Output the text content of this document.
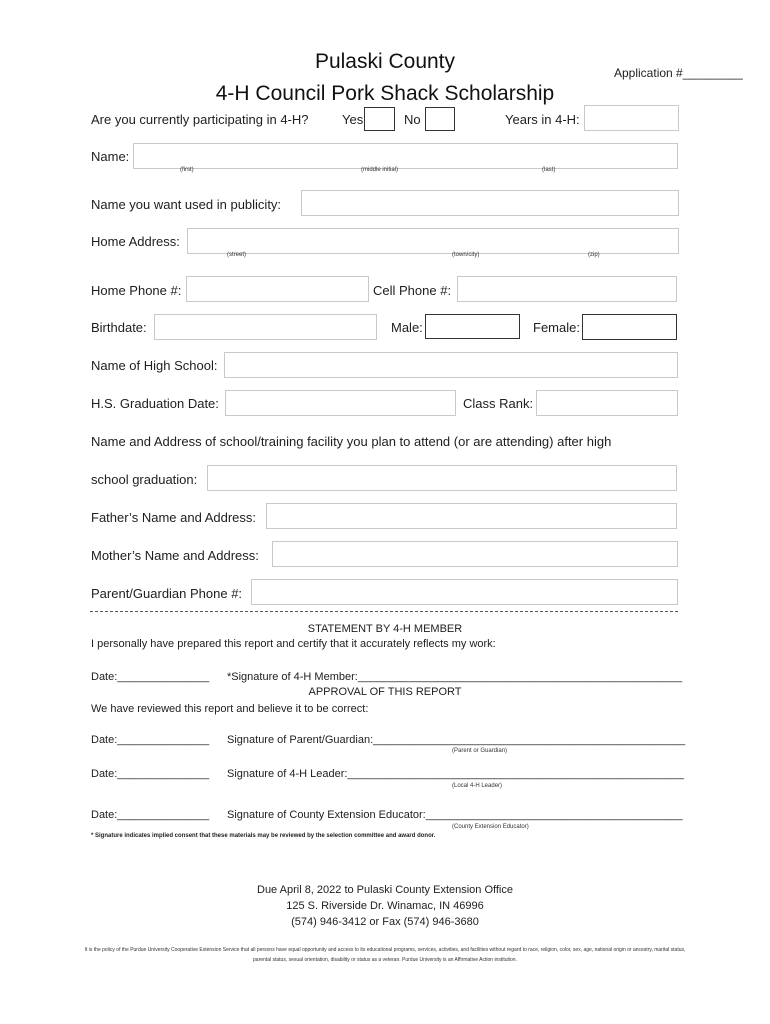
Pulaski County
4-H Council Pork Shack Scholarship
Application #_________
Are you currently participating in 4-H?	Yes	No	Years in 4-H:
Name:
(first)	(middle initial)	(last)
Name you want used in publicity:
Home Address:
(street)	(town/city)	(zip)
Home Phone #:	Cell Phone #:
Birthdate:	Male:	Female:
Name of High School:
H.S. Graduation Date:	Class Rank:
Name and Address of school/training facility you plan to attend (or are attending) after high
school graduation:
Father’s Name and Address:
Mother’s Name and Address:
Parent/Guardian Phone #:
STATEMENT BY 4-H MEMBER
I personally have prepared this report and certify that it accurately reflects my work:
Date:_______________ *Signature of 4-H Member:_____________________________________________________
APPROVAL OF THIS REPORT
We have reviewed this report and believe it to be correct:
Date:_______________ Signature of Parent/Guardian:___________________________________________________
(Parent or Guardian)
Date:_______________ Signature of 4-H Leader:_______________________________________________________
(Local 4-H Leader)
Date:_______________ Signature of County Extension Educator:__________________________________________
(County Extension Educator)
* Signature indicates implied consent that these materials may be reviewed by the selection committee and award donor.
Due April 8, 2022 to Pulaski County Extension Office
125 S. Riverside Dr. Winamac, IN 46996
(574) 946-3412 or Fax (574) 946-3680
It is the policy of the Purdue University Cooperative Extension Service that all persons have equal opportunity and access to its educational programs, services, activities, and facilities without regard to race, religion, color, sex, age, national origin or ancestry, marital status, parental status, sexual orientation, disability or status as a veteran. Purdue University is an Affirmative Action institution.
